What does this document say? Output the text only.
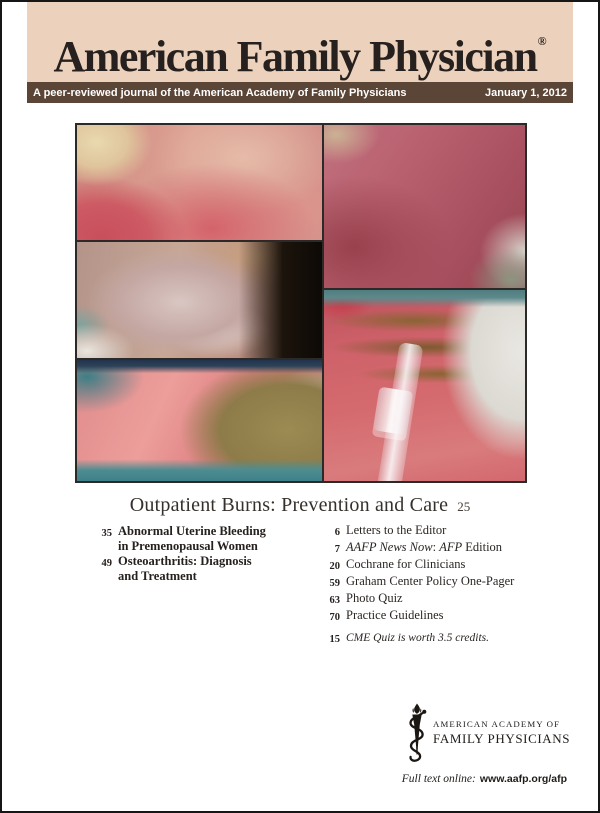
American Family Physician®
A peer-reviewed journal of the American Academy of Family Physicians	January 1, 2012
Outpatient Burns: Prevention and Care 25
35 Abnormal Uterine Bleeding
in Premenopausal Women
49 Osteoarthritis: Diagnosis
and Treatment
6 Letters to the Editor
7 AAFP News Now: AFP Edition
20 Cochrane for Clinicians
59 Graham Center Policy One-Pager
63 Photo Quiz
70 Practice Guidelines
15 CME Quiz is worth 3.5 credits.
AMERICAN ACADEMY OF
FAMILY PHYSICIANS
Full text online: www.aafp.org/afp
